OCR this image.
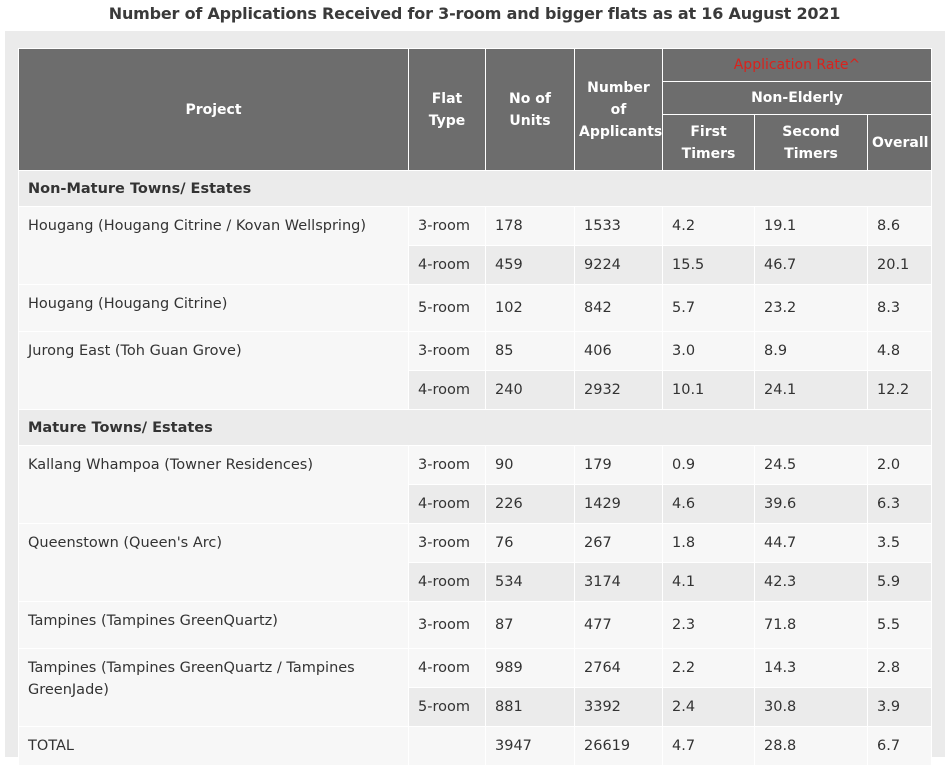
Number of Applications Received for 3-room and bigger flats as at 16 August 2021
Project	Flat Type	No of Units	Number of Applicants	Application Rate^		
				Non-Elderly		
				First Timers	Second Timers	Overall
Non-Mature Towns/ Estates						
Hougang (Hougang Citrine / Kovan Wellspring)	3-room	178	1533	4.2	19.1	8.6
	4-room	459	9224	15.5	46.7	20.1
Hougang (Hougang Citrine)	5-room	102	842	5.7	23.2	8.3
Jurong East (Toh Guan Grove)	3-room	85	406	3.0	8.9	4.8
	4-room	240	2932	10.1	24.1	12.2
Mature Towns/ Estates						
Kallang Whampoa (Towner Residences)	3-room	90	179	0.9	24.5	2.0
	4-room	226	1429	4.6	39.6	6.3
Queenstown (Queen's Arc)	3-room	76	267	1.8	44.7	3.5
	4-room	534	3174	4.1	42.3	5.9
Tampines (Tampines GreenQuartz)	3-room	87	477	2.3	71.8	5.5
Tampines (Tampines GreenQuartz / Tampines GreenJade)	4-room	989	2764	2.2	14.3	2.8
	5-room	881	3392	2.4	30.8	3.9
TOTAL		3947	26619	4.7	28.8	6.7
